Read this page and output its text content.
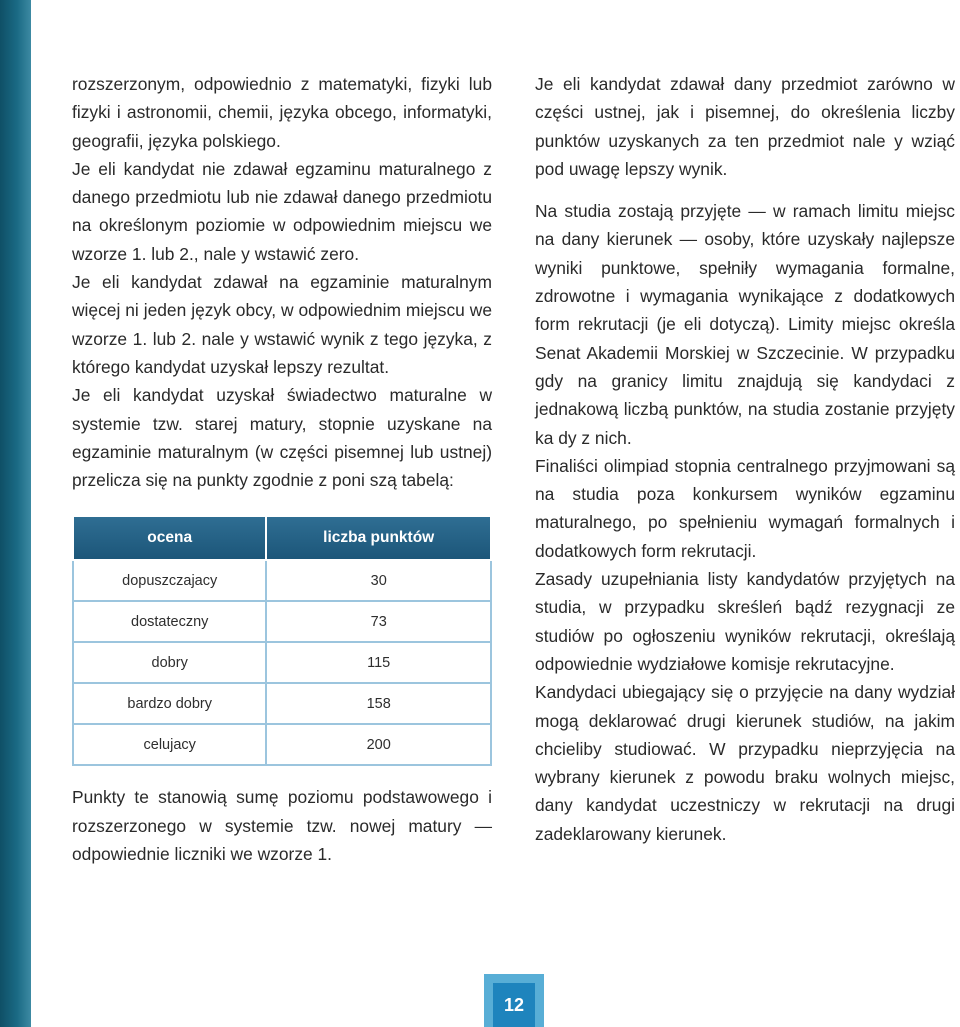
rozszerzonym, odpowiednio z matematyki, fizyki lub fizyki i astronomii, chemii, języka obcego, informatyki, geografii, języka polskiego.

Je eli kandydat nie zdawał egzaminu maturalnego z danego przedmiotu lub nie zdawał danego przedmiotu na określonym poziomie w odpowiednim miejscu we wzorze 1. lub 2., nale y wstawić zero.

Je eli kandydat zdawał na egzaminie maturalnym więcej ni jeden język obcy, w odpowiednim miejscu we wzorze 1. lub 2. nale y wstawić wynik z tego języka, z którego kandydat uzyskał lepszy rezultat.

Je eli kandydat uzyskał świadectwo maturalne w systemie tzw. starej matury, stopnie uzyskane na egzaminie maturalnym (w części pisemnej lub ustnej) przelicza się na punkty zgodnie z poni szą tabelą:

ocena	liczba punktów
dopuszczajacy	30
dostateczny	73
dobry	115
bardzo dobry	158
celujacy	200

Punkty te stanowią sumę poziomu podstawowego i rozszerzonego w systemie tzw. nowej matury — odpowiednie liczniki we wzorze 1.

Je eli kandydat zdawał dany przedmiot zarówno w części ustnej, jak i pisemnej, do określenia liczby punktów uzyskanych za ten przedmiot nale y wziąć pod uwagę lepszy wynik.

Na studia zostają przyjęte — w ramach limitu miejsc na dany kierunek — osoby, które uzyskały najlepsze wyniki punktowe, spełniły wymagania formalne, zdrowotne i wymagania wynikające z dodatkowych form rekrutacji (je eli dotyczą). Limity miejsc określa Senat Akademii Morskiej w Szczecinie. W przypadku gdy na granicy limitu znajdują się kandydaci z jednakową liczbą punktów, na studia zostanie przyjęty ka dy z nich.

Finaliści olimpiad stopnia centralnego przyjmowani są na studia poza konkursem wyników egzaminu maturalnego, po spełnieniu wymagań formalnych i dodatkowych form rekrutacji.

Zasady uzupełniania listy kandydatów przyjętych na studia, w przypadku skreśleń bądź rezygnacji ze studiów po ogłoszeniu wyników rekrutacji, określają odpowiednie wydziałowe komisje rekrutacyjne.

Kandydaci ubiegający się o przyjęcie na dany wydział mogą deklarować drugi kierunek studiów, na jakim chcieliby studiować. W przypadku nieprzyjęcia na wybrany kierunek z powodu braku wolnych miejsc, dany kandydat uczestniczy w rekrutacji na drugi zadeklarowany kierunek.

12
